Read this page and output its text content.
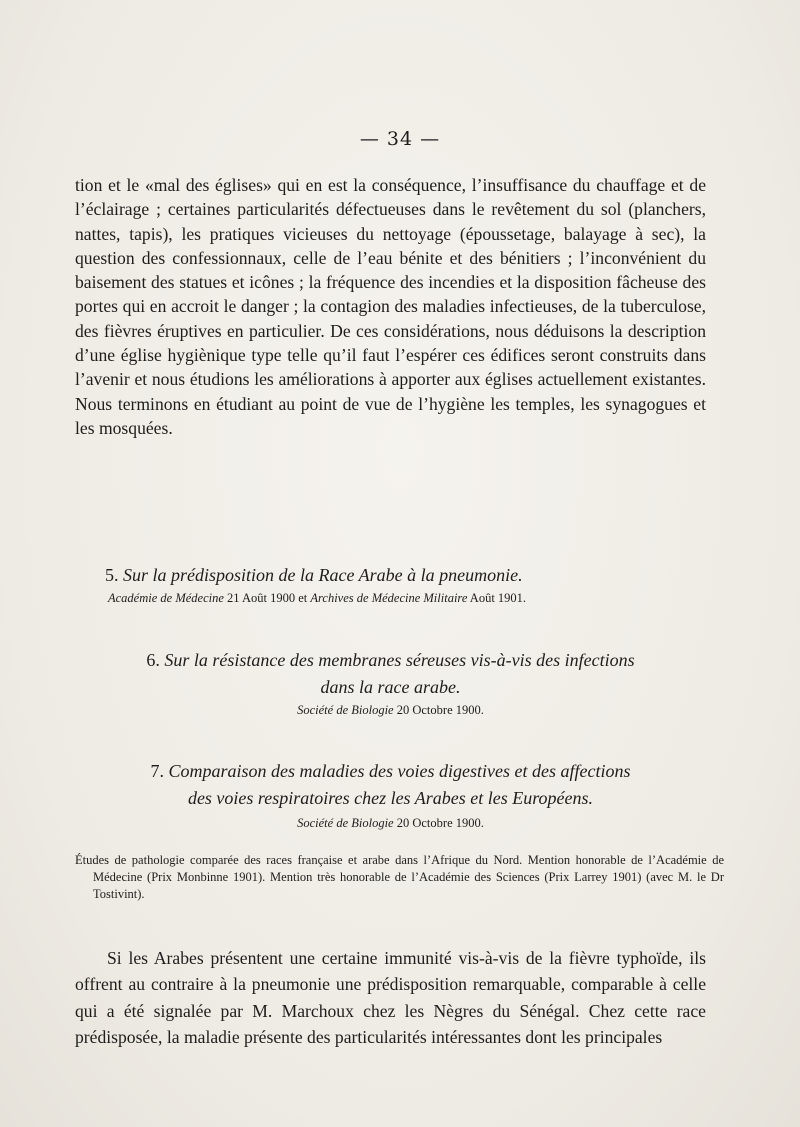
— 34 —

tion et le «mal des églises» qui en est la conséquence, l’insuffisance du chauffage et de l’éclairage ; certaines particularités défectueuses dans le revêtement du sol (planchers, nattes, tapis), les pratiques vicieuses du nettoyage (époussetage, balayage à sec), la question des confessionnaux, celle de l’eau bénite et des bénitiers ; l’inconvénient du baisement des statues et icônes ; la fréquence des incendies et la disposition fâcheuse des portes qui en accroit le danger ; la contagion des maladies infectieuses, de la tuberculose, des fièvres éruptives en particulier. De ces considérations, nous déduisons la description d’une église hygiènique type telle qu’il faut l’espérer ces édifices seront construits dans l’avenir et nous étudions les améliorations à apporter aux églises actuellement existantes. Nous terminons en étudiant au point de vue de l’hygiène les temples, les synagogues et les mosquées.

5. Sur la prédisposition de la Race Arabe à la pneumonie.

Académie de Médecine 21 Août 1900 et Archives de Médecine Militaire Août 1901.

6. Sur la résistance des membranes séreuses vis-à-vis des infections
dans la race arabe.

Société de Biologie 20 Octobre 1900.

7. Comparaison des maladies des voies digestives et des affections
des voies respiratoires chez les Arabes et les Européens.

Société de Biologie 20 Octobre 1900.

Études de pathologie comparée des races française et arabe dans l’Afrique du Nord. Mention honorable de l’Académie de Médecine (Prix Monbinne 1901). Mention très honorable de l’Académie des Sciences (Prix Larrey 1901) (avec M. le Dr Tostivint).

Si les Arabes présentent une certaine immunité vis-à-vis de la fièvre typhoïde, ils offrent au contraire à la pneumonie une prédisposition remarquable, comparable à celle qui a été signalée par M. Marchoux chez les Nègres du Sénégal. Chez cette race prédisposée, la maladie présente des particularités intéressantes dont les principales
